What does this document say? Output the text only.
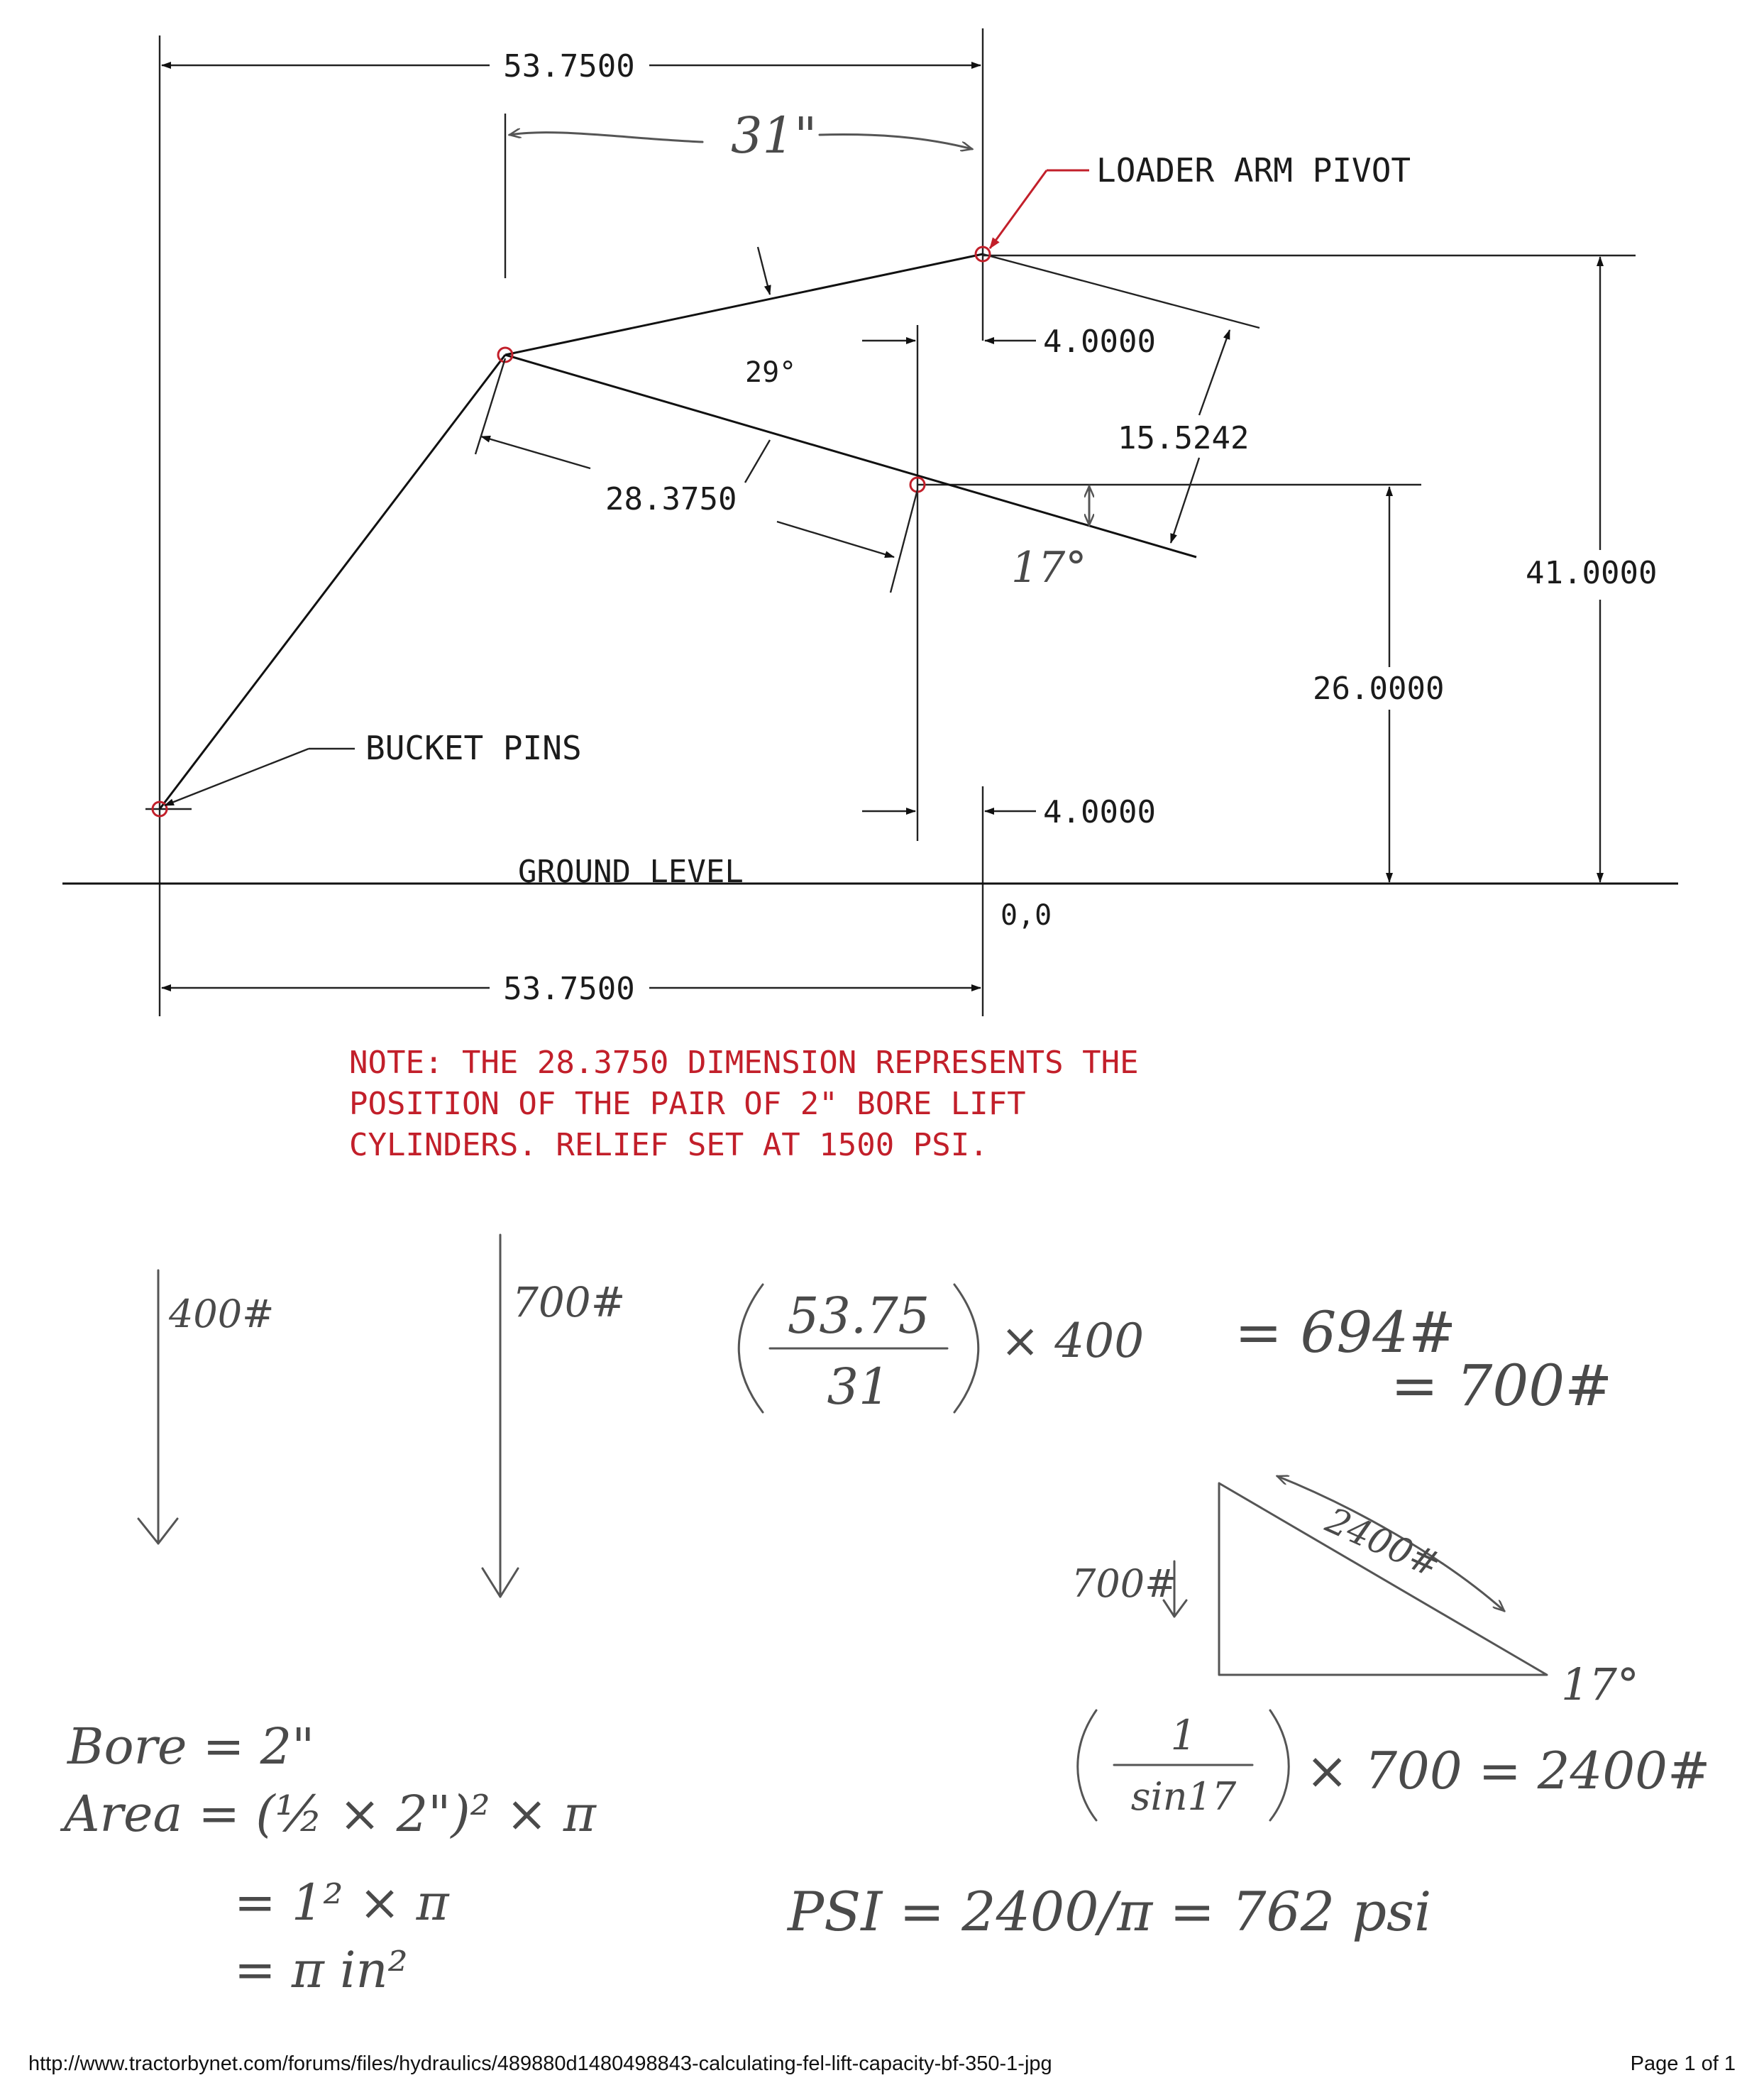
53.7500
53.7500
4.0000
4.0000
28.3750
15.5242
41.0000
26.0000
29°
0,0
LOADER ARM PIVOT
BUCKET PINS
GROUND LEVEL
NOTE: THE 28.3750 DIMENSION REPRESENTS THE
POSITION OF THE PAIR OF 2" BORE LIFT
CYLINDERS. RELIEF SET AT 1500 PSI.
31"
17°
400#	700#	53.75
31
× 400 = 694#
= 700#
2400#
700#
17°
1
sin17 × 700 = 2400#
Bore = 2"
Area = (½ × 2")² × π
= 1² × π
= π in²
PSI = 2400/π = 762 psi
http://www.tractorbynet.com/forums/files/hydraulics/489880d1480498843-calculating-fel-lift-capacity-bf-350-1-jpg	Page 1 of 1
